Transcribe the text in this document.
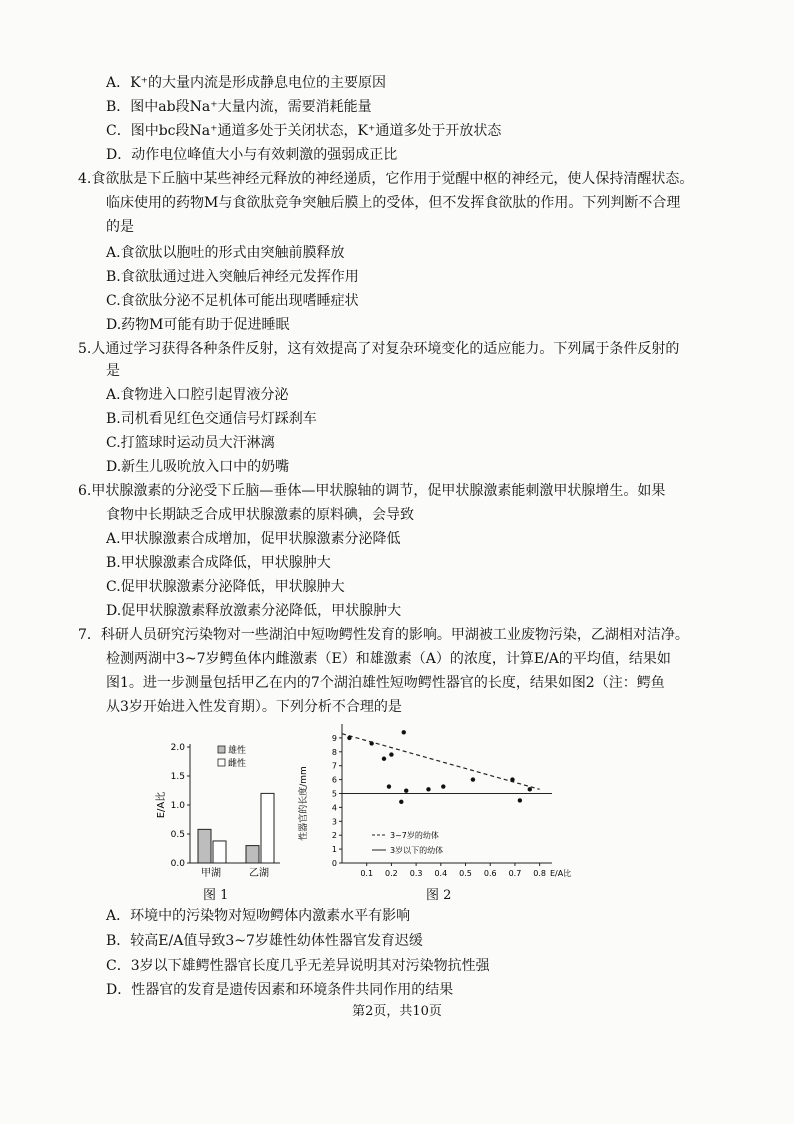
A．K⁺的大量内流是形成静息电位的主要原因
B．图中ab段Na⁺大量内流，需要消耗能量
C．图中bc段Na⁺通道多处于关闭状态，K⁺通道多处于开放状态
D．动作电位峰值大小与有效刺激的强弱成正比
4.食欲肽是下丘脑中某些神经元释放的神经递质，它作用于觉醒中枢的神经元，使人保持清醒状态。
临床使用的药物M与食欲肽竞争突触后膜上的受体，但不发挥食欲肽的作用。下列判断不合理
的是
A.食欲肽以胞吐的形式由突触前膜释放
B.食欲肽通过进入突触后神经元发挥作用
C.食欲肽分泌不足机体可能出现嗜睡症状
D.药物M可能有助于促进睡眠
5.人通过学习获得各种条件反射，这有效提高了对复杂环境变化的适应能力。下列属于条件反射的
是
A.食物进入口腔引起胃液分泌
B.司机看见红色交通信号灯踩刹车
C.打篮球时运动员大汗淋漓
D.新生儿吸吮放入口中的奶嘴
6.甲状腺激素的分泌受下丘脑—垂体—甲状腺轴的调节，促甲状腺激素能刺激甲状腺增生。如果
食物中长期缺乏合成甲状腺激素的原料碘，会导致
A.甲状腺激素合成增加，促甲状腺激素分泌降低
B.甲状腺激素合成降低，甲状腺肿大
C.促甲状腺激素分泌降低，甲状腺肿大
D.促甲状腺激素释放激素分泌降低，甲状腺肿大
7．科研人员研究污染物对一些湖泊中短吻鳄性发育的影响。甲湖被工业废物污染，乙湖相对洁净。
检测两湖中3~7岁鳄鱼体内雌激素（E）和雄激素（A）的浓度，计算E/A的平均值，结果如
图1。进一步测量包括甲乙在内的7个湖泊雄性短吻鳄性器官的长度，结果如图2（注：鳄鱼
从3岁开始进入性发育期）。下列分析不合理的是
0.0
0.5
1.0
1.5
2.0
E/A比
甲湖	乙湖
雄性
雌性
图 1
0
1
2
3
4
5
6
7
8
9
0.1 0.2 0.3 0.4 0.5 0.6 0.7 0.8 E/A比
性器官的长度/mm	3~7岁的幼体
3岁以下的幼体
图 2
A．环境中的污染物对短吻鳄体内激素水平有影响
B．较高E/A值导致3~7岁雄性幼体性器官发育迟缓
C．3岁以下雄鳄性器官长度几乎无差异说明其对污染物抗性强
D．性器官的发育是遗传因素和环境条件共同作用的结果
第2页，共10页
